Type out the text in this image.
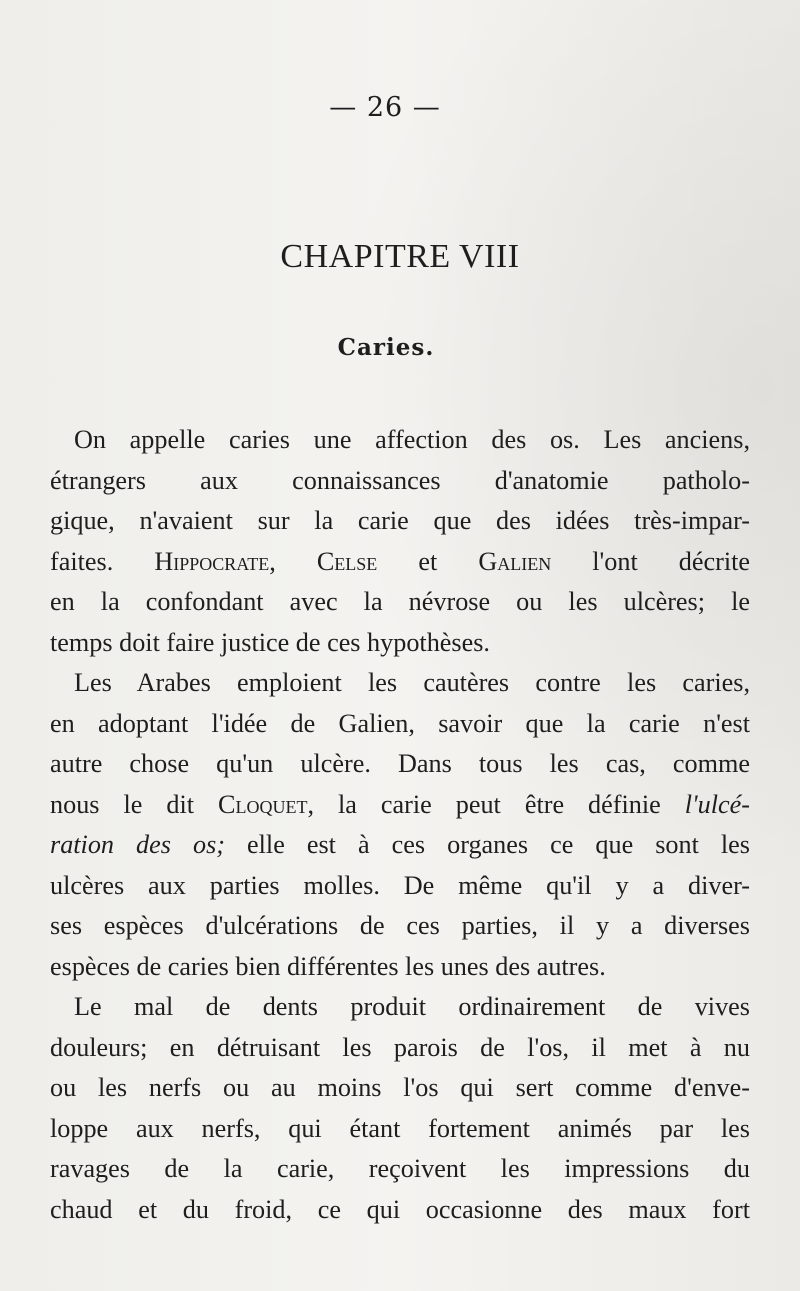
— 26 —
CHAPITRE VIII
Caries.
On appelle caries une affection des os. Les anciens,
étrangers aux connaissances d'anatomie patholo-
gique, n'avaient sur la carie que des idées très-impar-
faites. Hippocrate, Celse et Galien l'ont décrite
en la confondant avec la névrose ou les ulcères; le
temps doit faire justice de ces hypothèses.
Les Arabes emploient les cautères contre les caries,
en adoptant l'idée de Galien, savoir que la carie n'est
autre chose qu'un ulcère. Dans tous les cas, comme
nous le dit Cloquet, la carie peut être définie l'ulcé-
ration des os; elle est à ces organes ce que sont les
ulcères aux parties molles. De même qu'il y a diver-
ses espèces d'ulcérations de ces parties, il y a diverses
espèces de caries bien différentes les unes des autres.
Le mal de dents produit ordinairement de vives
douleurs; en détruisant les parois de l'os, il met à nu
ou les nerfs ou au moins l'os qui sert comme d'enve-
loppe aux nerfs, qui étant fortement animés par les
ravages de la carie, reçoivent les impressions du
chaud et du froid, ce qui occasionne des maux fort
